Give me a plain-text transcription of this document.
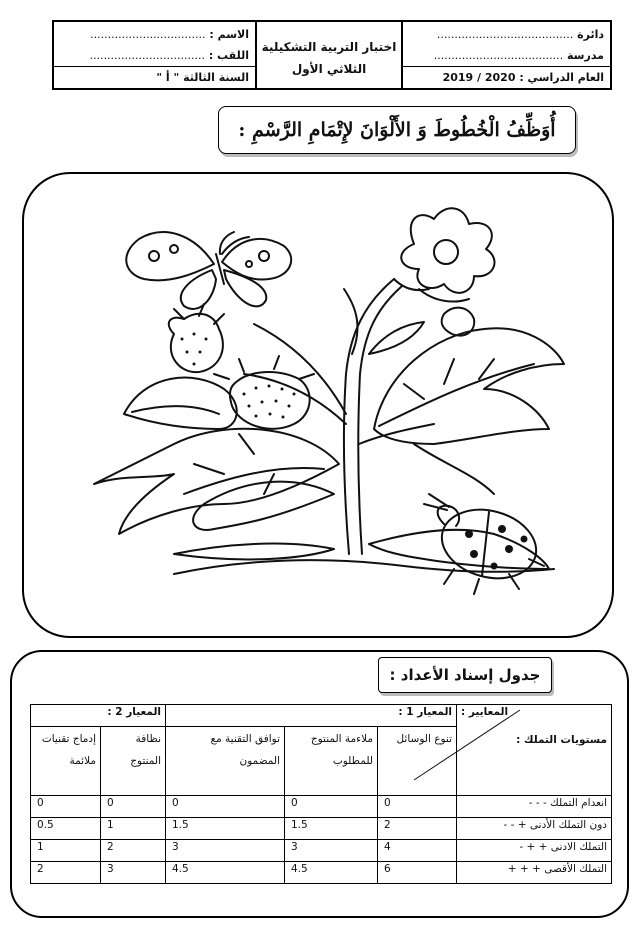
دائرة .......................................
مدرسة .....................................
العام الدراسي : 2019 / 2020
اختبار التربية التشكيلية
الثلاثي الأول
الاسم : .................................
اللقب : .................................
السنة الثالثة " أ "
أُوَظِّفُ الْخُطُوطَ وَ الأَلْوَانَ لإِتْمَامِ الرَّسْمِ :
جدول إسناد الأعداد :
المعايير :
مستويات التملك :	المعيار 1 :			المعيار 2 :	
	تنوع الوسائل	ملاءمة المنتوج للمطلوب	توافق التقنية مع المضمون	نظافة المنتوج	إدماج تقنيات ملائمة
انعدام التملك - - -	0	0	0	0	0
دون التملك الأدنى + - -	2	1.5	1.5	1	0.5
التملك الادنى + + -	4	3	3	2	1
التملك الأقصى + + +	6	4.5	4.5	3	2
